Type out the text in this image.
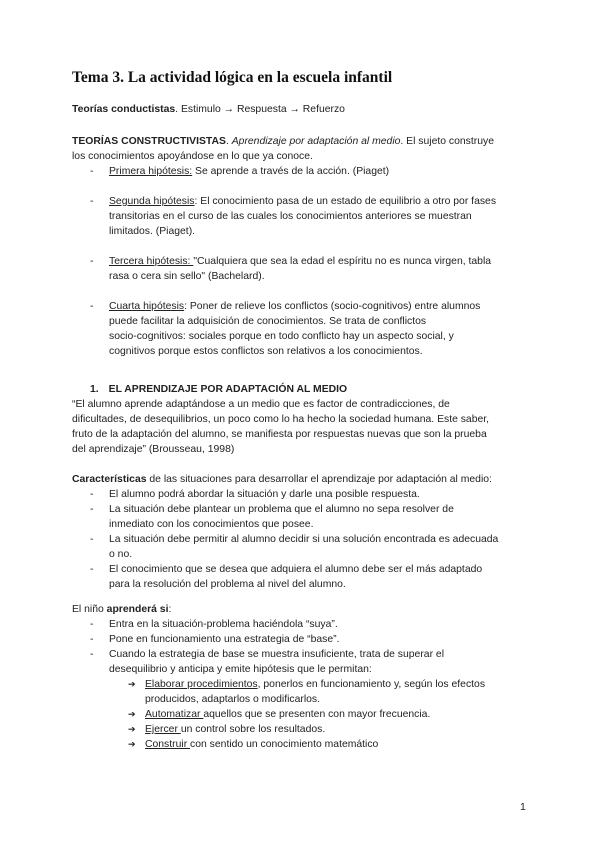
Tema 3. La actividad lógica en la escuela infantil
Teorías conductistas. Estimulo → Respuesta → Refuerzo
TEORÍAS CONSTRUCTIVISTAS. Aprendizaje por adaptación al medio. El sujeto construye
los conocimientos apoyándose en lo que ya conoce.
- Primera hipótesis: Se aprende a través de la acción. (Piaget)
- Segunda hipótesis: El conocimiento pasa de un estado de equilibrio a otro por fases
transitorias en el curso de las cuales los conocimientos anteriores se muestran
limitados. (Piaget).
- Tercera hipótesis: "Cualquiera que sea la edad el espíritu no es nunca virgen, tabla
rasa o cera sin sello" (Bachelard).
- Cuarta hipótesis: Poner de relieve los conflictos (socio-cognitivos) entre alumnos
puede facilitar la adquisición de conocimientos. Se trata de conflictos
socio-cognitivos: sociales porque en todo conflicto hay un aspecto social, y
cognitivos porque estos conflictos son relativos a los conocimientos.
1. EL APRENDIZAJE POR ADAPTACIÓN AL MEDIO
“El alumno aprende adaptándose a un medio que es factor de contradicciones, de
dificultades, de desequilibrios, un poco como lo ha hecho la sociedad humana. Este saber,
fruto de la adaptación del alumno, se manifiesta por respuestas nuevas que son la prueba
del aprendizaje” (Brousseau, 1998)
Características de las situaciones para desarrollar el aprendizaje por adaptación al medio:
- El alumno podrá abordar la situación y darle una posible respuesta.
- La situación debe plantear un problema que el alumno no sepa resolver de
inmediato con los conocimientos que posee.
- La situación debe permitir al alumno decidir si una solución encontrada es adecuada
o no.
- El conocimiento que se desea que adquiera el alumno debe ser el más adaptado
para la resolución del problema al nivel del alumno.
El niño aprenderá si:
- Entra en la situación-problema haciéndola “suya”.
- Pone en funcionamiento una estrategia de “base”.
- Cuando la estrategia de base se muestra insuficiente, trata de superar el
desequilibrio y anticipa y emite hipótesis que le permitan:
➔ Elaborar procedimientos, ponerlos en funcionamiento y, según los efectos
producidos, adaptarlos o modificarlos.
➔ Automatizar aquellos que se presenten con mayor frecuencia.
➔ Ejercer un control sobre los resultados.
➔ Construir con sentido un conocimiento matemático
1
